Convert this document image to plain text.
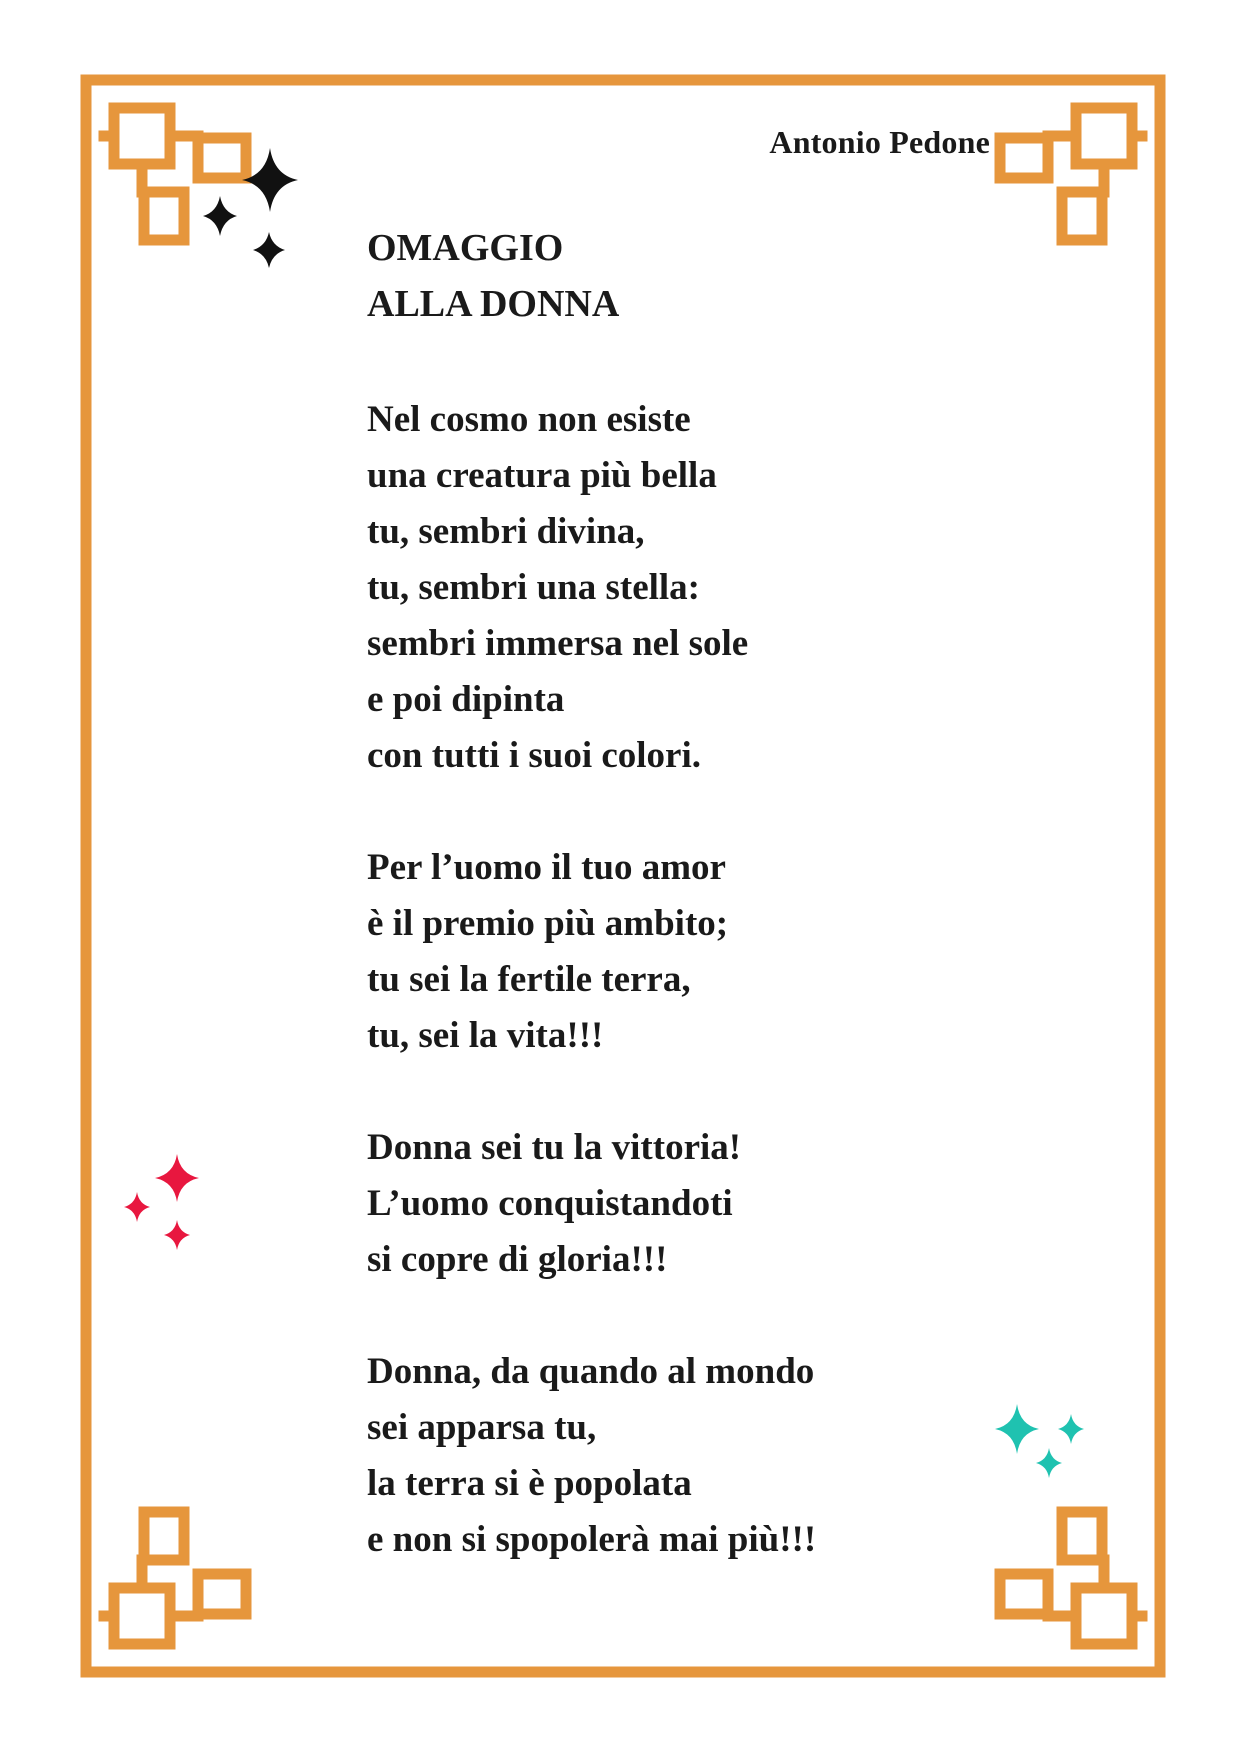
Antonio Pedone
OMAGGIO
ALLA DONNA
Nel cosmo non esiste
una creatura più bella
tu, sembri divina,
tu, sembri una stella:
sembri immersa nel sole
e poi dipinta
con tutti i suoi colori.
Per l’uomo il tuo amor
è il premio più ambito;
tu sei la fertile terra,
tu, sei la vita!!!
Donna sei tu la vittoria!
L’uomo conquistandoti
si copre di gloria!!!
Donna, da quando al mondo
sei apparsa tu,
la terra si è popolata
e non si spopolerà mai più!!!
